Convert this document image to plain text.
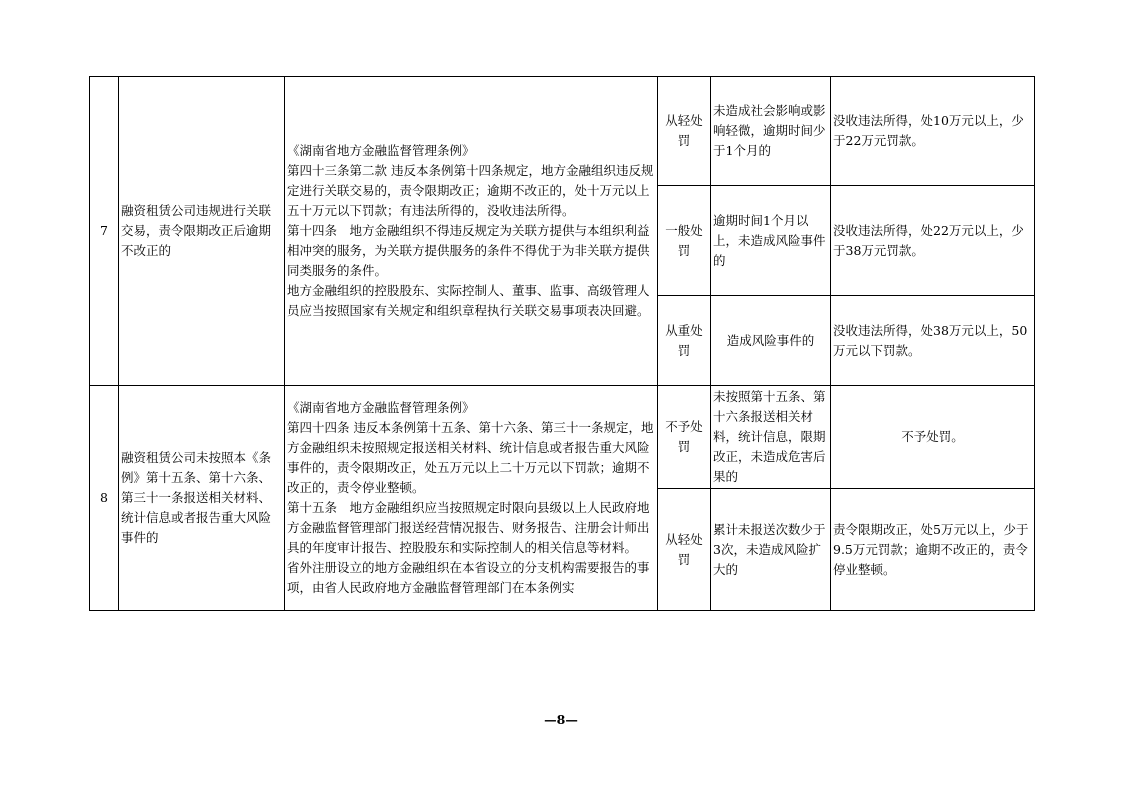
7	融资租赁公司违规进行关联交易，责令限期改正后逾期不改正的	《湖南省地方金融监督管理条例》
第四十三条第二款 违反本条例第十四条规定，地方金融组织违反规定进行关联交易的，责令限期改正；逾期不改正的，处十万元以上五十万元以下罚款；有违法所得的，没收违法所得。
第十四条　地方金融组织不得违反规定为关联方提供与本组织利益相冲突的服务，为关联方提供服务的条件不得优于为非关联方提供同类服务的条件。
地方金融组织的控股股东、实际控制人、董事、监事、高级管理人员应当按照国家有关规定和组织章程执行关联交易事项表决回避。	从轻处罚	未造成社会影响或影响轻微，逾期时间少于1个月的	没收违法所得，处10万元以上，少于22万元罚款。
			一般处罚	逾期时间1个月以上，未造成风险事件的	没收违法所得，处22万元以上，少于38万元罚款。
			从重处罚	造成风险事件的	没收违法所得，处38万元以上，50万元以下罚款。
8	融资租赁公司未按照本《条例》第十五条、第十六条、第三十一条报送相关材料、统计信息或者报告重大风险事件的	《湖南省地方金融监督管理条例》
第四十四条 违反本条例第十五条、第十六条、第三十一条规定，地方金融组织未按照规定报送相关材料、统计信息或者报告重大风险事件的，责令限期改正，处五万元以上二十万元以下罚款；逾期不改正的，责令停业整顿。
第十五条　地方金融组织应当按照规定时限向县级以上人民政府地方金融监督管理部门报送经营情况报告、财务报告、注册会计师出具的年度审计报告、控股股东和实际控制人的相关信息等材料。
省外注册设立的地方金融组织在本省设立的分支机构需要报告的事项，由省人民政府地方金融监督管理部门在本条例实	不予处罚	未按照第十五条、第十六条报送相关材料，统计信息，限期改正，未造成危害后果的	不予处罚。
			从轻处罚	累计未报送次数少于3次，未造成风险扩大的	责令限期改正，处5万元以上，少于9.5万元罚款；逾期不改正的，责令停业整顿。
—8—
